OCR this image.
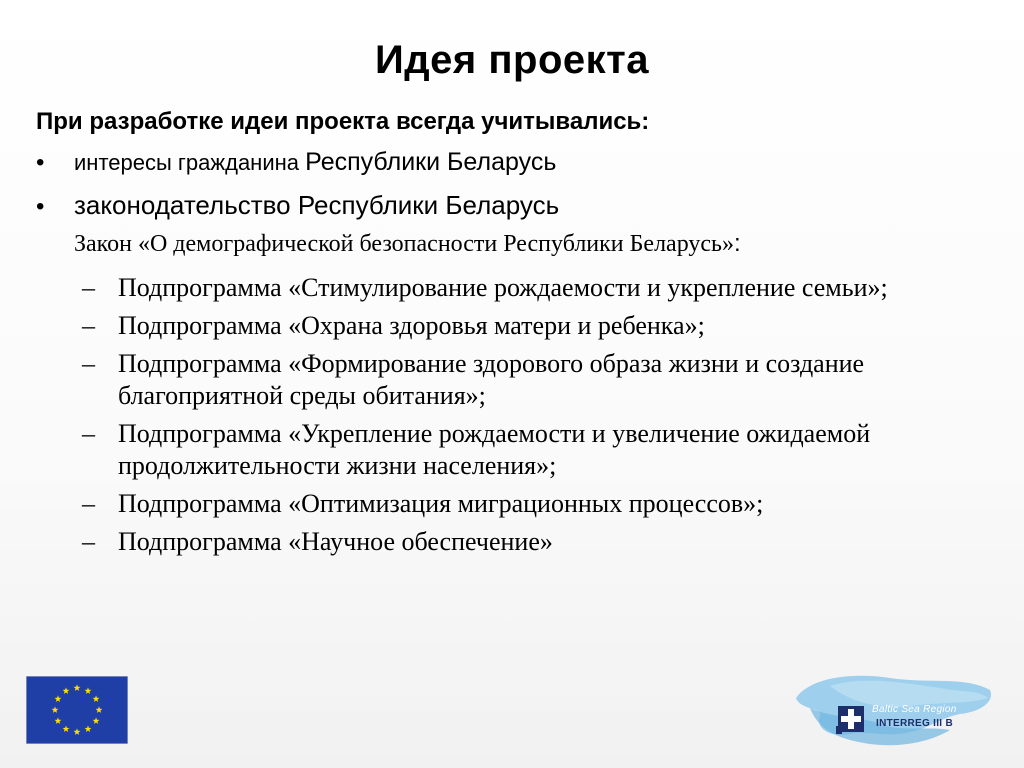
Идея проекта
При разработке идеи проекта всегда учитывались:
•	интересы гражданина Республики Беларусь
•	законодательство Республики Беларусь
Закон «О демографической безопасности Республики Беларусь»:
– Подпрограмма «Стимулирование рождаемости и укрепление семьи»;
– Подпрограмма «Охрана здоровья матери и ребенка»;
– Подпрограмма «Формирование здорового образа жизни и создание благоприятной среды обитания»;
– Подпрограмма «Укрепление рождаемости и увеличение ожидаемой продолжительности жизни населения»;
– Подпрограмма «Оптимизация миграционных процессов»;
– Подпрограмма «Научное обеспечение»
Baltic Sea Region
INTERREG III B
